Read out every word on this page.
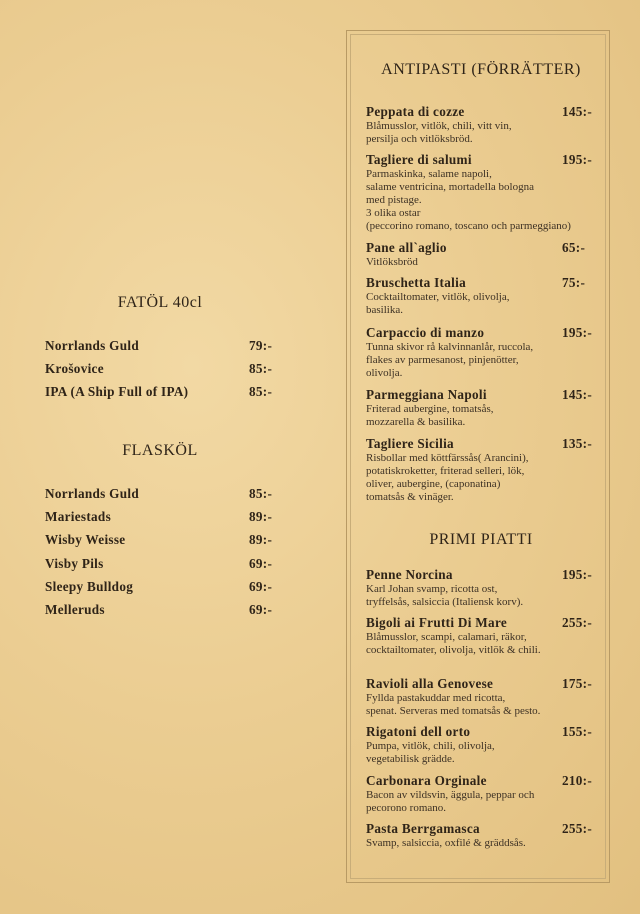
FATÖL 40cl
Norrlands Guld	79:-
Krošovice	85:-
IPA (A Ship Full of IPA)	85:-
FLASKÖL
Norrlands Guld	85:-
Mariestads	89:-
Wisby Weisse	89:-
Visby Pils	69:-
Sleepy Bulldog	69:-
Melleruds	69:-
ANTIPASTI (FÖRRÄTTER)
Peppata di cozze	145:-
Blåmusslor, vitlök, chili, vitt vin,
persilja och vitlöksbröd.
Tagliere di salumi	195:-
Parmaskinka, salame napoli,
salame ventricina, mortadella bologna
med pistage.
3 olika ostar
(peccorino romano, toscano och parmeggiano)
Pane all`aglio	65:-
Vitlöksbröd
Bruschetta Italia	75:-
Cocktailtomater, vitlök, olivolja,
basilika.
Carpaccio di manzo	195:-
Tunna skivor rå kalvinnanlår, ruccola,
flakes av parmesanost, pinjenötter,
olivolja.
Parmeggiana Napoli	145:-
Friterad aubergine, tomatsås,
mozzarella & basilika.
Tagliere Sicilia	135:-
Risbollar med köttfärssås( Arancini),
potatiskroketter, friterad selleri, lök,
oliver, aubergine, (caponatina)
tomatsås & vinäger.
PRIMI PIATTI
Penne Norcina	195:-
Karl Johan svamp, ricotta ost,
tryffelsås, salsiccia (Italiensk korv).
Bigoli ai Frutti Di Mare	255:-
Blåmusslor, scampi, calamari, räkor,
cocktailtomater, olivolja, vitlök & chili.
Ravioli alla Genovese	175:-
Fyllda pastakuddar med ricotta,
spenat. Serveras med tomatsås & pesto.
Rigatoni dell orto	155:-
Pumpa, vitlök, chili, olivolja,
vegetabilisk grädde.
Carbonara Orginale	210:-
Bacon av vildsvin, äggula, peppar och
pecorono romano.
Pasta Berrgamasca	255:-
Svamp, salsiccia, oxfilé & gräddsås.
